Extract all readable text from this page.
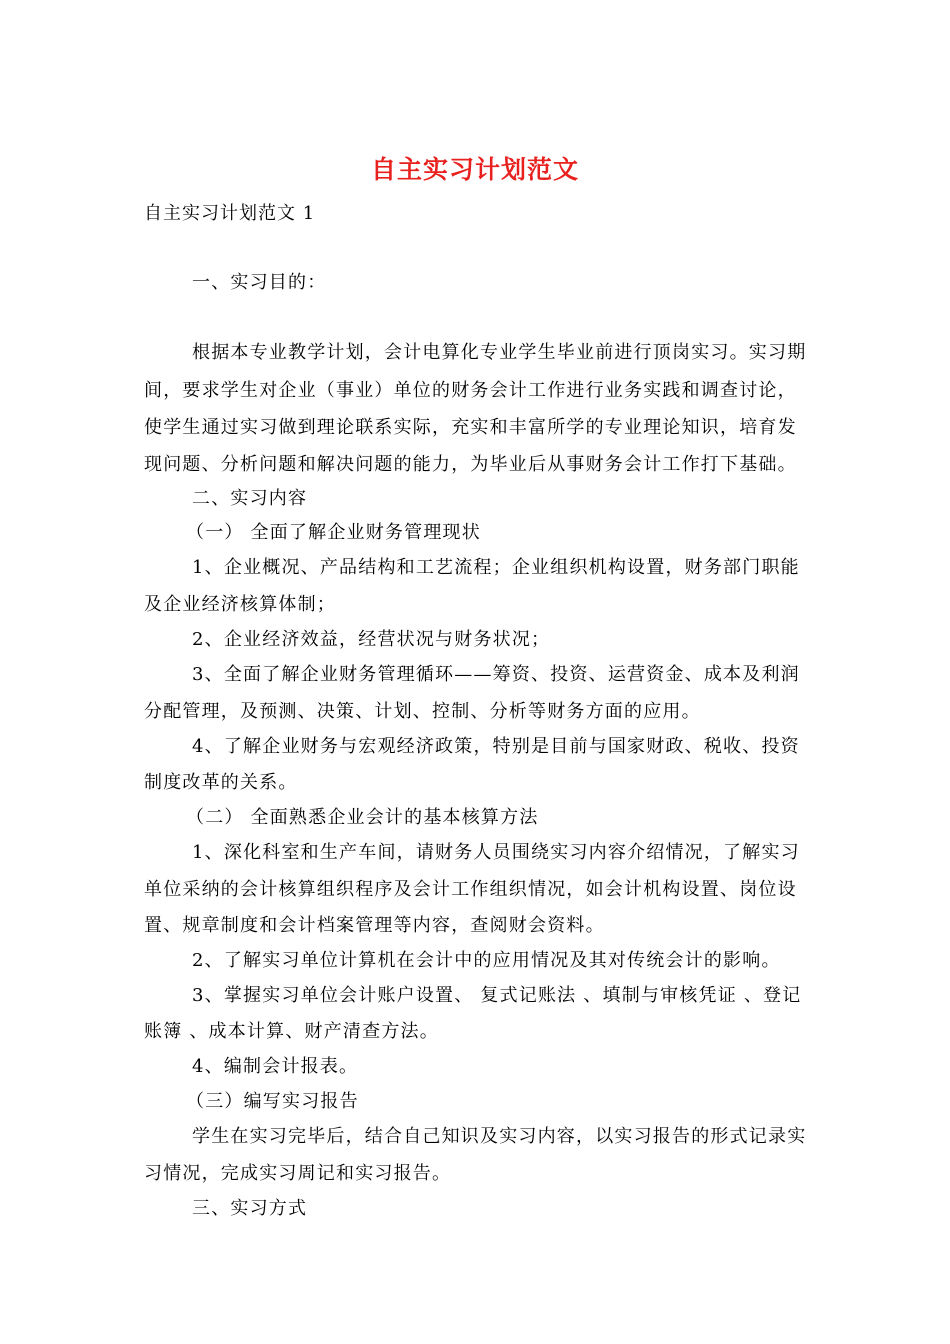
自主实习计划范文
自主实习计划范文 1
一、实习目的：
根据本专业教学计划，会计电算化专业学生毕业前进行顶岗实习。实习期
间，要求学生对企业（事业）单位的财务会计工作进行业务实践和调查讨论，
使学生通过实习做到理论联系实际，充实和丰富所学的专业理论知识，培育发
现问题、分析问题和解决问题的能力，为毕业后从事财务会计工作打下基础。
二、实习内容
（一） 全面了解企业财务管理现状
1、企业概况、产品结构和工艺流程；企业组织机构设置，财务部门职能
及企业经济核算体制；
2、企业经济效益，经营状况与财务状况；
3、全面了解企业财务管理循环——筹资、投资、运营资金、成本及利润
分配管理，及预测、决策、计划、控制、分析等财务方面的应用。
4、了解企业财务与宏观经济政策，特别是目前与国家财政、税收、投资
制度改革的关系。
（二） 全面熟悉企业会计的基本核算方法
1、深化科室和生产车间，请财务人员围绕实习内容介绍情况，了解实习
单位采纳的会计核算组织程序及会计工作组织情况，如会计机构设置、岗位设
置、规章制度和会计档案管理等内容，查阅财会资料。
2、了解实习单位计算机在会计中的应用情况及其对传统会计的影响。
3、掌握实习单位会计账户设置、 复式记账法 、填制与审核凭证 、登记
账簿 、成本计算、财产清查方法。
4、编制会计报表。
（三）编写实习报告
学生在实习完毕后，结合自己知识及实习内容，以实习报告的形式记录实
习情况，完成实习周记和实习报告。
三、实习方式
